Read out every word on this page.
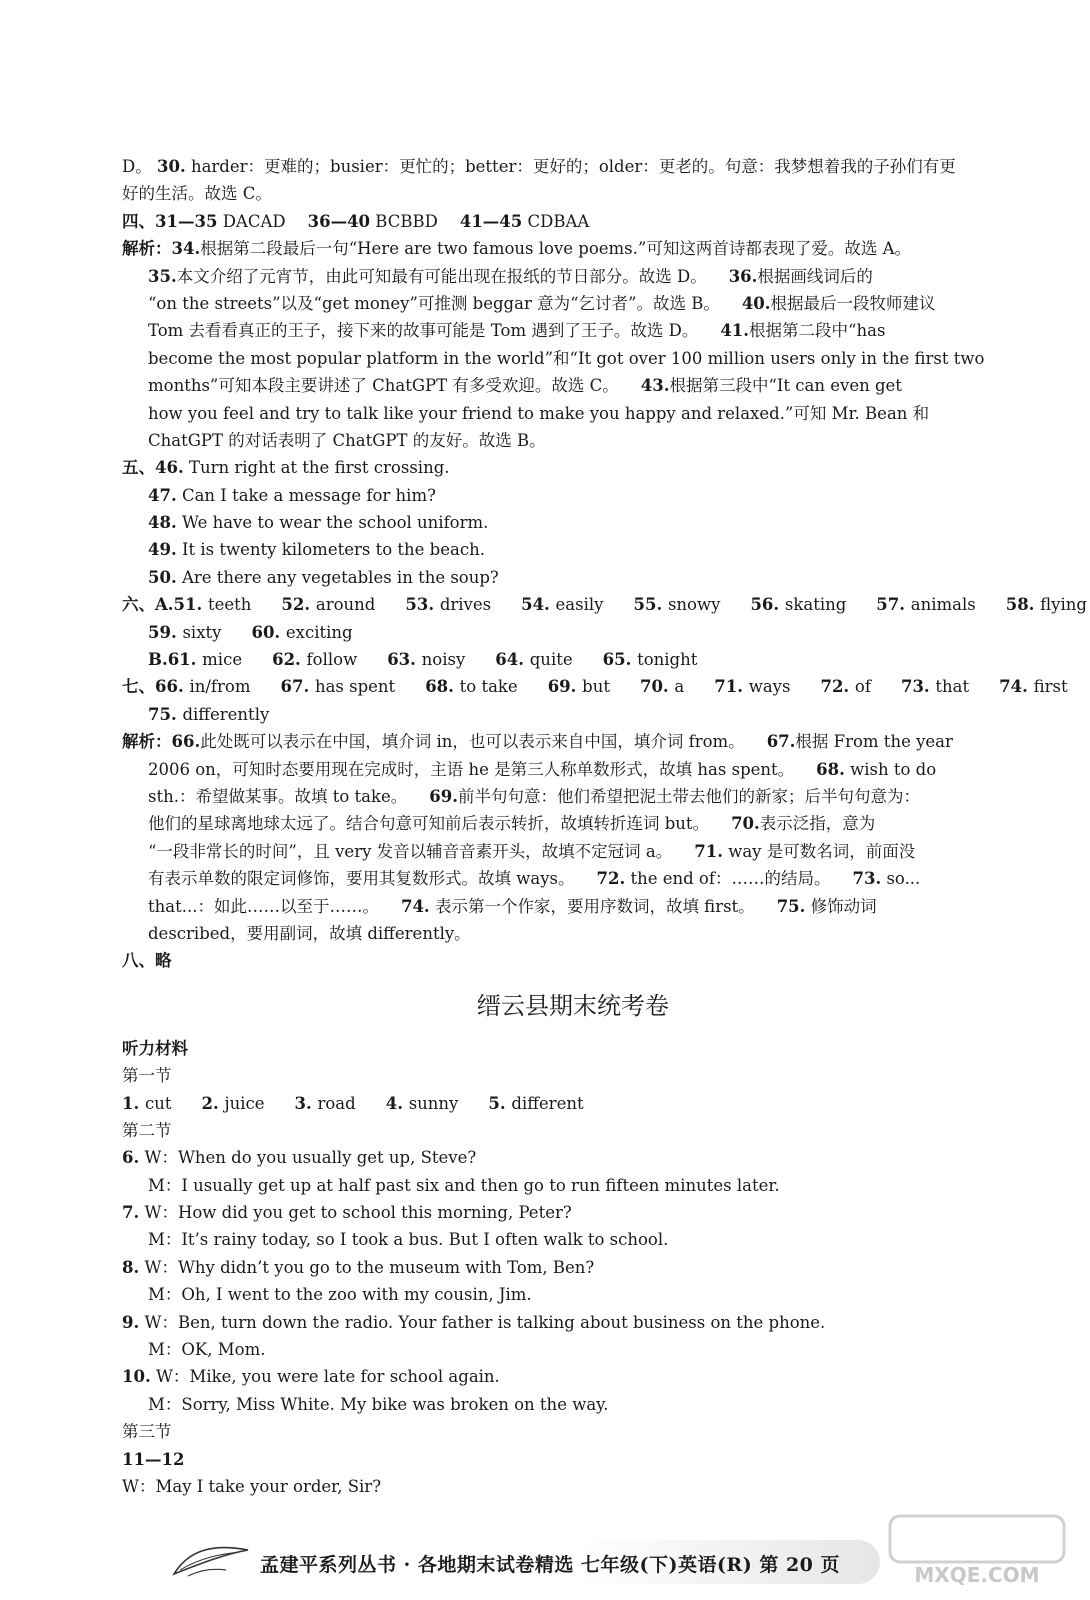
D。 30. harder：更难的；busier：更忙的；better：更好的；older：更老的。句意：我梦想着我的子孙们有更
好的生活。故选 C。
四、31—35 DACAD 36—40 BCBBD 41—45 CDBAA
解析：34.根据第二段最后一句“Here are two famous love poems.”可知这两首诗都表现了爱。故选 A。
35.本文介绍了元宵节，由此可知最有可能出现在报纸的节日部分。故选 D。 36.根据画线词后的
“on the streets”以及“get money”可推测 beggar 意为“乞讨者”。故选 B。 40.根据最后一段牧师建议
Tom 去看看真正的王子，接下来的故事可能是 Tom 遇到了王子。故选 D。 41.根据第二段中“has
become the most popular platform in the world”和“It got over 100 million users only in the first two
months”可知本段主要讲述了 ChatGPT 有多受欢迎。故选 C。 43.根据第三段中“It can even get
how you feel and try to talk like your friend to make you happy and relaxed.”可知 Mr. Bean 和
ChatGPT 的对话表明了 ChatGPT 的友好。故选 B。
五、46. Turn right at the first crossing.
47. Can I take a message for him?
48. We have to wear the school uniform.
49. It is twenty kilometers to the beach.
50. Are there any vegetables in the soup?
六、A.51. teeth 52. around 53. drives 54. easily 55. snowy 56. skating 57. animals 58. flying
59. sixty 60. exciting
B.61. mice 62. follow 63. noisy 64. quite 65. tonight
七、66. in/from 67. has spent 68. to take 69. but 70. a 71. ways 72. of 73. that 74. first
75. differently
解析：66.此处既可以表示在中国，填介词 in，也可以表示来自中国，填介词 from。 67.根据 From the year
2006 on，可知时态要用现在完成时，主语 he 是第三人称单数形式，故填 has spent。 68. wish to do
sth.：希望做某事。故填 to take。 69.前半句句意：他们希望把泥土带去他们的新家；后半句句意为：
他们的星球离地球太远了。结合句意可知前后表示转折，故填转折连词 but。 70.表示泛指，意为
“一段非常长的时间”，且 very 发音以辅音音素开头，故填不定冠词 a。 71. way 是可数名词，前面没
有表示单数的限定词修饰，要用其复数形式。故填 ways。 72. the end of：……的结局。 73. so...
that...：如此……以至于……。 74. 表示第一个作家，要用序数词，故填 first。 75. 修饰动词
described，要用副词，故填 differently。
八、略
缙云县期末统考卷
听力材料
第一节
1. cut 2. juice 3. road 4. sunny 5. different
第二节
6. W：When do you usually get up, Steve?
M：I usually get up at half past six and then go to run fifteen minutes later.
7. W：How did you get to school this morning, Peter?
M：It’s rainy today, so I took a bus. But I often walk to school.
8. W：Why didn’t you go to the museum with Tom, Ben?
M：Oh, I went to the zoo with my cousin, Jim.
9. W：Ben, turn down the radio. Your father is talking about business on the phone.
M：OK, Mom.
10. W：Mike, you were late for school again.
M：Sorry, Miss White. My bike was broken on the way.
第三节
11—12
W：May I take your order, Sir?
孟建平系列丛书 · 各地期末试卷精选 七年级(下)英语(R) 第 20 页	MXQE.COM
